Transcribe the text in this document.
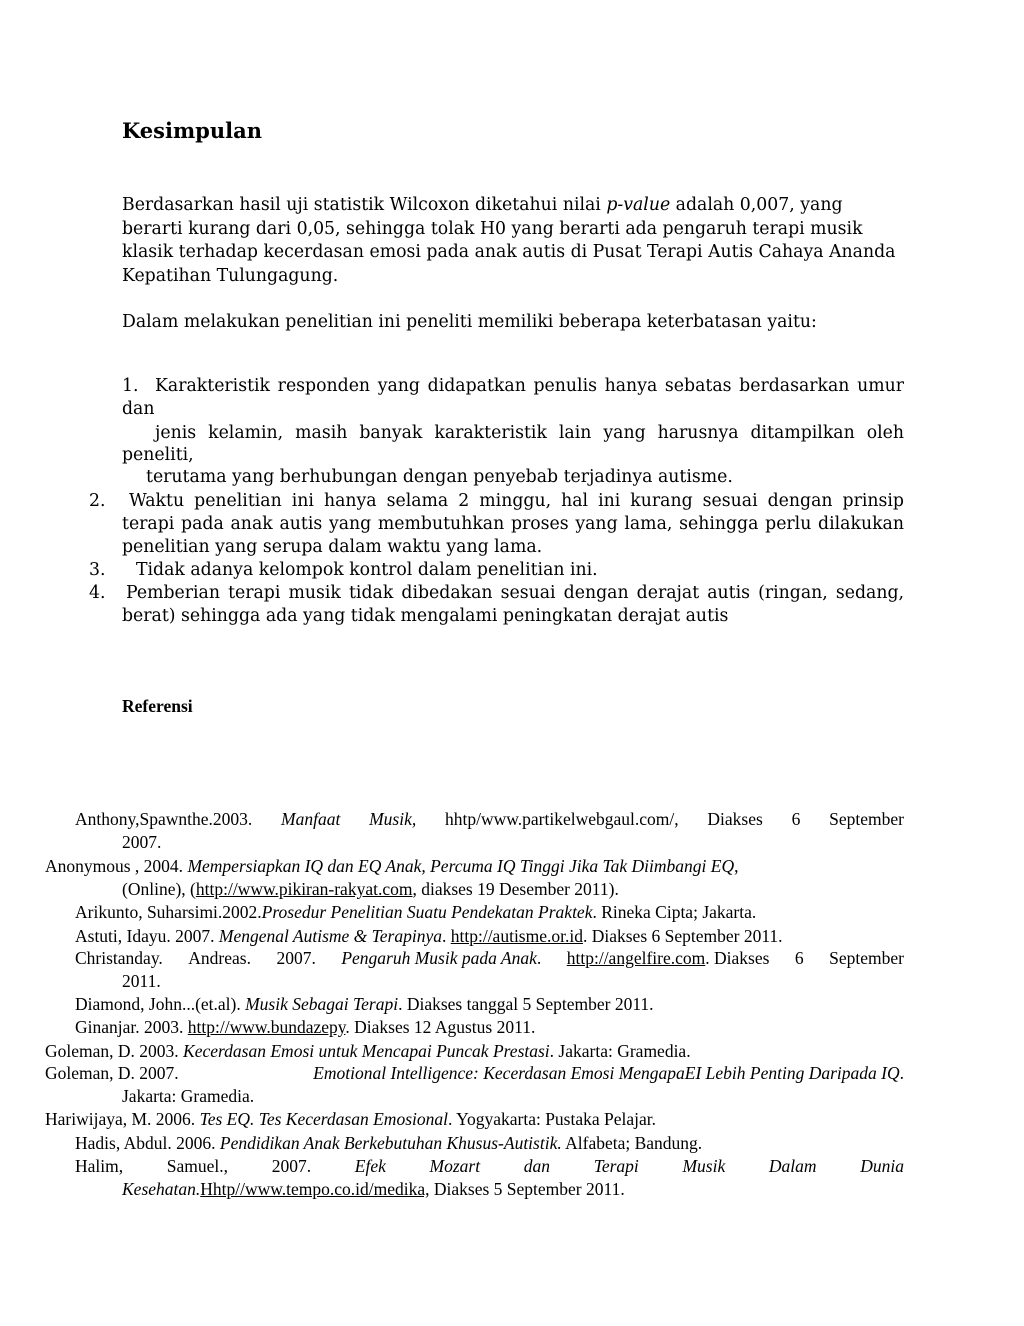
Kesimpulan
Berdasarkan hasil uji statistik Wilcoxon diketahui nilai p-value adalah 0,007, yang
berarti kurang dari 0,05, sehingga tolak H0 yang berarti ada pengaruh terapi musik
klasik terhadap kecerdasan emosi pada anak autis di Pusat Terapi Autis Cahaya Ananda
Kepatihan Tulungagung.
Dalam melakukan penelitian ini peneliti memiliki beberapa keterbatasan yaitu:
1. Karakteristik responden yang didapatkan penulis hanya sebatas berdasarkan umur
dan
jenis kelamin, masih banyak karakteristik lain yang harusnya ditampilkan oleh
peneliti,
terutama yang berhubungan dengan penyebab terjadinya autisme.
2. Waktu penelitian ini hanya selama 2 minggu, hal ini kurang sesuai dengan prinsip
terapi pada anak autis yang membutuhkan proses yang lama, sehingga perlu dilakukan
penelitian yang serupa dalam waktu yang lama.
3. Tidak adanya kelompok kontrol dalam penelitian ini.
4. Pemberian terapi musik tidak dibedakan sesuai dengan derajat autis (ringan, sedang,
berat) sehingga ada yang tidak mengalami peningkatan derajat autis
Referensi
Anthony,Spawnthe.2003. Manfaat Musik, hhtp/www.partikelwebgaul.com/, Diakses 6 September
2007.
Anonymous , 2004. Mempersiapkan IQ dan EQ Anak, Percuma IQ Tinggi Jika Tak Diimbangi EQ,
(Online), (http://www.pikiran-rakyat.com, diakses 19 Desember 2011).
Arikunto, Suharsimi.2002.Prosedur Penelitian Suatu Pendekatan Praktek. Rineka Cipta; Jakarta.
Astuti, Idayu. 2007. Mengenal Autisme & Terapinya. http://autisme.or.id. Diakses 6 September 2011.
Christanday. Andreas. 2007. Pengaruh Musik pada Anak. http://angelfire.com. Diakses 6 September
2011.
Diamond, John...(et.al). Musik Sebagai Terapi. Diakses tanggal 5 September 2011.
Ginanjar. 2003. http://www.bundazepy. Diakses 12 Agustus 2011.
Goleman, D. 2003. Kecerdasan Emosi untuk Mencapai Puncak Prestasi. Jakarta: Gramedia.
Goleman, D. 2007.	Emotional Intelligence: Kecerdasan Emosi MengapaEI Lebih Penting Daripada IQ.
Jakarta: Gramedia.
Hariwijaya, M. 2006. Tes EQ. Tes Kecerdasan Emosional. Yogyakarta: Pustaka Pelajar.
Hadis, Abdul. 2006. Pendidikan Anak Berkebutuhan Khusus-Autistik. Alfabeta; Bandung.
Halim, Samuel., 2007. Efek Mozart dan Terapi Musik Dalam Dunia
Kesehatan.Hhtp//www.tempo.co.id/medika, Diakses 5 September 2011.
